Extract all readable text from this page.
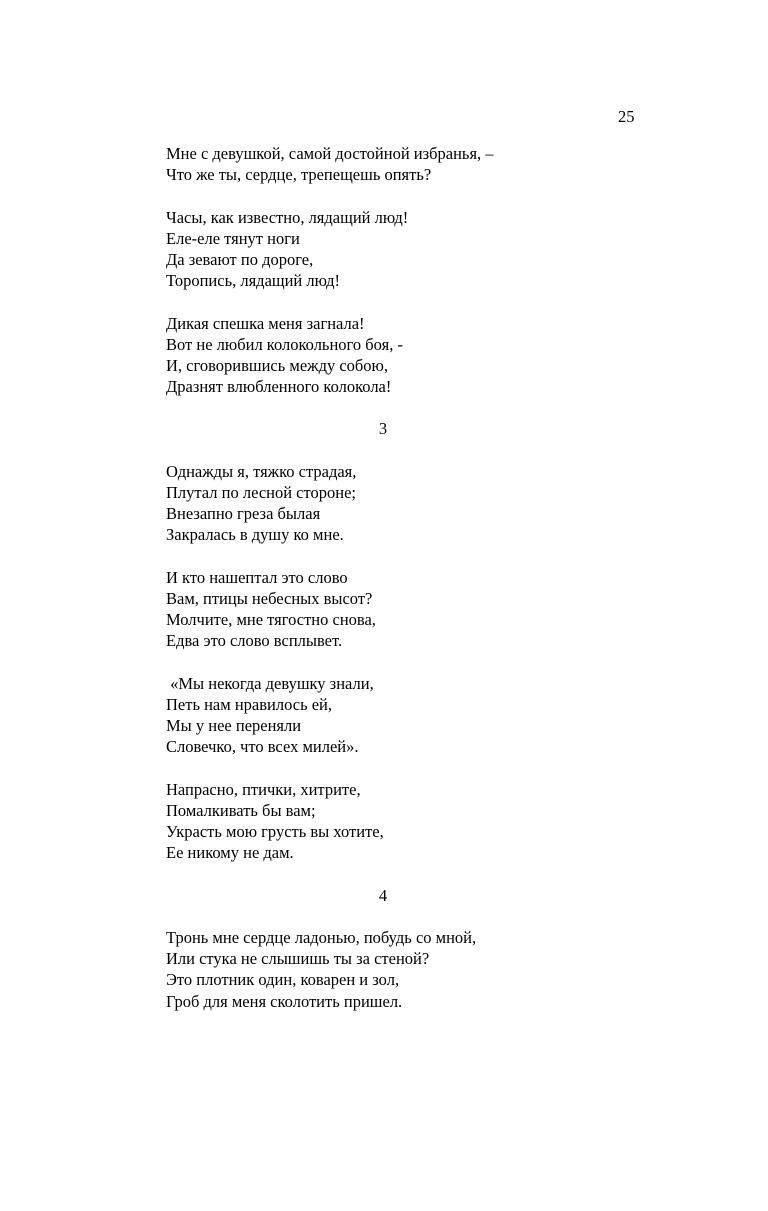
25
Мне с девушкой, самой достойной избранья, –
Что же ты, сердце, трепещешь опять?
Часы, как известно, лядащий люд!
Еле-еле тянут ноги
Да зевают по дороге,
Торопись, лядащий люд!
Дикая спешка меня загнала!
Вот не любил колокольного боя, -
И, сговорившись между собою,
Дразнят влюбленного колокола!
3
Однажды я, тяжко страдая,
Плутал по лесной стороне;
Внезапно греза былая
Закралась в душу ко мне.
И кто нашептал это слово
Вам, птицы небесных высот?
Молчите, мне тягостно снова,
Едва это слово всплывет.
«Мы некогда девушку знали,
Петь нам нравилось ей,
Мы у нее переняли
Словечко, что всех милей».
Напрасно, птички, хитрите,
Помалкивать бы вам;
Украсть мою грусть вы хотите,
Ее никому не дам.
4
Тронь мне сердце ладонью, побудь со мной,
Или стука не слышишь ты за стеной?
Это плотник один, коварен и зол,
Гроб для меня сколотить пришел.
